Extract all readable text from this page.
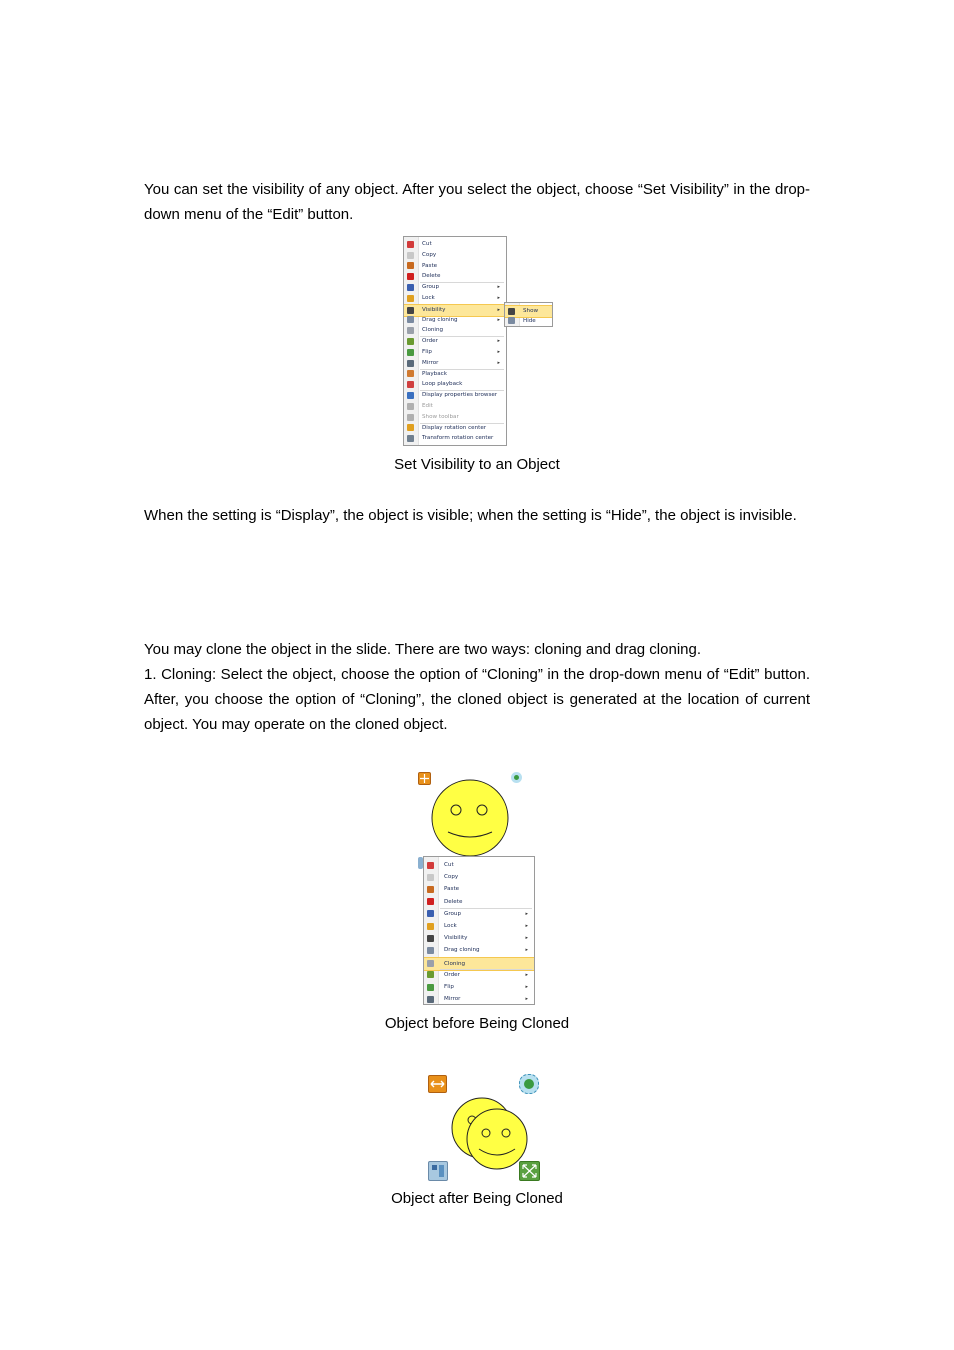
You can set the visibility of any object. After you select the object, choose “Set Visibility” in the drop-down menu of the “Edit” button.

Cut
Copy
Paste
Delete
Group	▸
Lock	▸
Visibility	▸
Drag cloning	▸
Cloning
Order	▸
Flip	▸
Mirror	▸
Playback
Loop playback
Display properties browser
Edit
Show toolbar
Display rotation center
Transform rotation center
Show
Hide
Set Visibility to an Object

When the setting is “Display”, the object is visible; when the setting is “Hide”, the object is invisible.

You may clone the object in the slide. There are two ways: cloning and drag cloning.

1. Cloning: Select the object, choose the option of “Cloning” in the drop-down menu of “Edit” button. After, you choose the option of “Cloning”, the cloned object is generated at the location of current object. You may operate on the cloned object.

Cut
Copy
Paste
Delete
Group	▸
Lock	▸
Visibility	▸
Drag cloning	▸
Cloning
Order	▸
Flip	▸
Mirror	▸
Object before Being Cloned
Object after Being Cloned
